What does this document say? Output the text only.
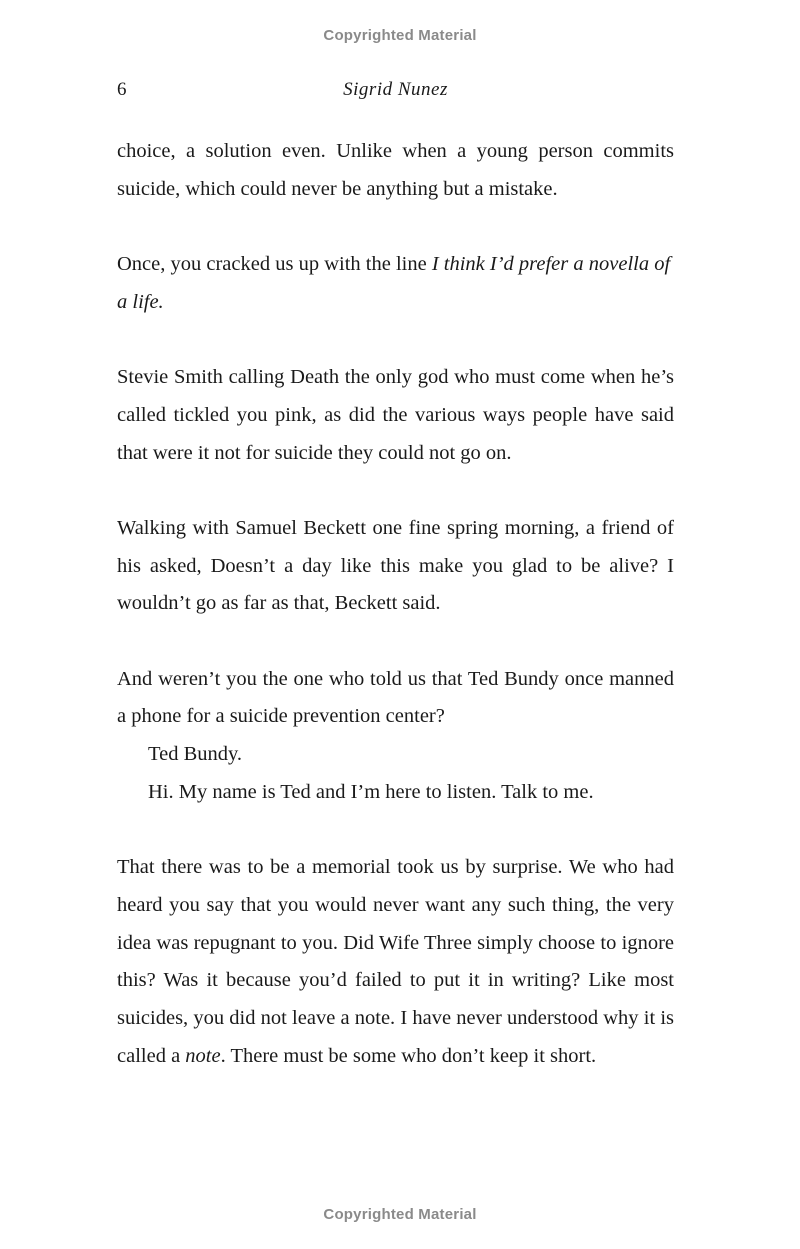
Copyrighted Material
6	Sigrid Nunez

choice, a solution even. Unlike when a young person commits suicide, which could never be anything but a mistake.

Once, you cracked us up with the line I think I’d prefer a novella of a life.

Stevie Smith calling Death the only god who must come when he’s called tickled you pink, as did the various ways people have said that were it not for suicide they could not go on.

Walking with Samuel Beckett one fine spring morning, a friend of his asked, Doesn’t a day like this make you glad to be alive? I wouldn’t go as far as that, Beckett said.

And weren’t you the one who told us that Ted Bundy once manned a phone for a suicide prevention center?

Ted Bundy.

Hi. My name is Ted and I’m here to listen. Talk to me.

That there was to be a memorial took us by surprise. We who had heard you say that you would never want any such thing, the very idea was repugnant to you. Did Wife Three simply choose to ignore this? Was it because you’d failed to put it in writing? Like most suicides, you did not leave a note. I have never understood why it is called a note. There must be some who don’t keep it short.

Copyrighted Material
